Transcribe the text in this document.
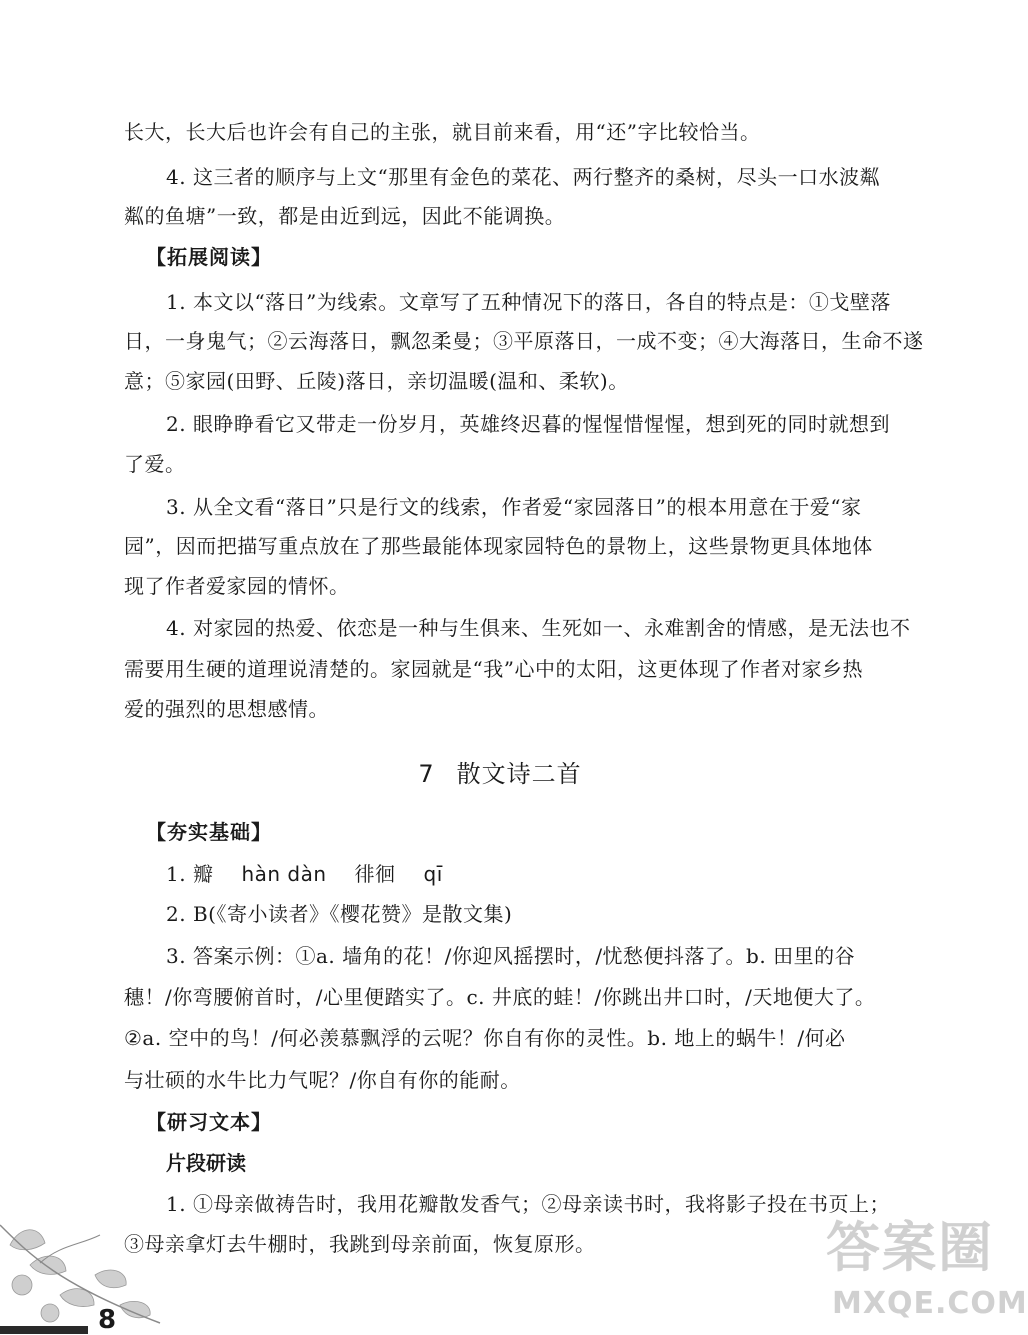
长大，长大后也许会有自己的主张，就目前来看，用“还”字比较恰当。
4. 这三者的顺序与上文“那里有金色的菜花、两行整齐的桑树，尽头一口水波粼
粼的鱼塘”一致，都是由近到远，因此不能调换。
【拓展阅读】
1. 本文以“落日”为线索。文章写了五种情况下的落日，各自的特点是：①戈壁落
日，一身鬼气；②云海落日，飘忽柔曼；③平原落日，一成不变；④大海落日，生命不遂
意；⑤家园(田野、丘陵)落日，亲切温暖(温和、柔软)。
2. 眼睁睁看它又带走一份岁月，英雄终迟暮的惺惺惜惺惺，想到死的同时就想到
了爱。
3. 从全文看“落日”只是行文的线索，作者爱“家园落日”的根本用意在于爱“家
园”，因而把描写重点放在了那些最能体现家园特色的景物上，这些景物更具体地体
现了作者爱家园的情怀。
4. 对家园的热爱、依恋是一种与生俱来、生死如一、永难割舍的情感，是无法也不
需要用生硬的道理说清楚的。家园就是“我”心中的太阳，这更体现了作者对家乡热
爱的强烈的思想感情。
7 散文诗二首
【夯实基础】
1. 瓣 hàn dàn 徘徊 qī
2. B(《寄小读者》《樱花赞》是散文集)
3. 答案示例：①a. 墙角的花！/你迎风摇摆时，/忧愁便抖落了。b. 田里的谷
穗！/你弯腰俯首时，/心里便踏实了。c. 井底的蛙！/你跳出井口时，/天地便大了。
②a. 空中的鸟！/何必羡慕飘浮的云呢？你自有你的灵性。b. 地上的蜗牛！/何必
与壮硕的水牛比力气呢？/你自有你的能耐。
【研习文本】
片段研读
1. ①母亲做祷告时，我用花瓣散发香气；②母亲读书时，我将影子投在书页上；
③母亲拿灯去牛棚时，我跳到母亲前面，恢复原形。
8
答案圈
MXQE.COM
